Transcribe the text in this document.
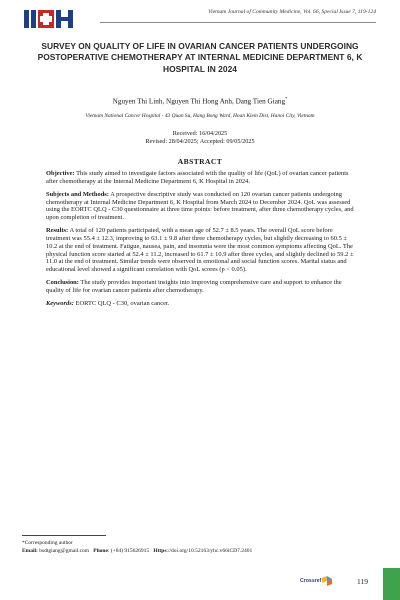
Vietnam Journal of Community Medicine, Vol. 66, Special Issue 7, 119-124
SURVEY ON QUALITY OF LIFE IN OVARIAN CANCER PATIENTS UNDERGOING POSTOPERATIVE CHEMOTHERAPY AT INTERNAL MEDICINE DEPARTMENT 6, K HOSPITAL IN 2024
Nguyen Thi Linh, Nguyen Thi Hong Anh, Dang Tien Giang*
Vietnam National Cancer Hospital - 43 Quan Su, Hang Bong Ward, Hoan Kiem Dist, Hanoi City, Vietnam
Received: 16/04/2025
Revised: 28/04/2025; Accepted: 09/05/2025
ABSTRACT

Objective: This study aimed to investigate factors associated with the quality of life (QoL) of ovarian cancer patients after chemotherapy at the Internal Medicine Department 6, K Hospital in 2024.

Subjects and Methods: A prospective descriptive study was conducted on 120 ovarian cancer patients undergoing chemotherapy at Internal Medicine Department 6, K Hospital from March 2024 to December 2024. QoL was assessed using the EORTC QLQ - C30 questionnaire at three time points: before treatment, after three chemotherapy cycles, and upon completion of treatment.

Results: A total of 120 patients participated, with a mean age of 52.7 ± 8.5 years. The overall QoL score before treatment was 55.4 ± 12.3, improving to 63.1 ± 9.8 after three chemotherapy cycles, but slightly decreasing to 60.5 ± 10.2 at the end of treatment. Fatigue, nausea, pain, and insomnia were the most common symptoms affecting QoL. The physical function score started at 52.4 ± 11.2, increased to 61.7 ± 10.9 after three cycles, and slightly declined to 59.2 ± 11.0 at the end of treatment. Similar trends were observed in emotional and social function scores. Marital status and educational level showed a significant correlation with QoL scores (p < 0.05).

Conclusion: The study provides important insights into improving comprehensive care and support to enhance the quality of life for ovarian cancer patients after chemotherapy.

Keywords: EORTC QLQ - C30, ovarian cancer.

*Corresponding author
Email: bsdtgiang@gmail.com Phone: (+84) 915626915 Https://doi.org/10.52163/yhc.v66iCD7.2401
Crossref	119
